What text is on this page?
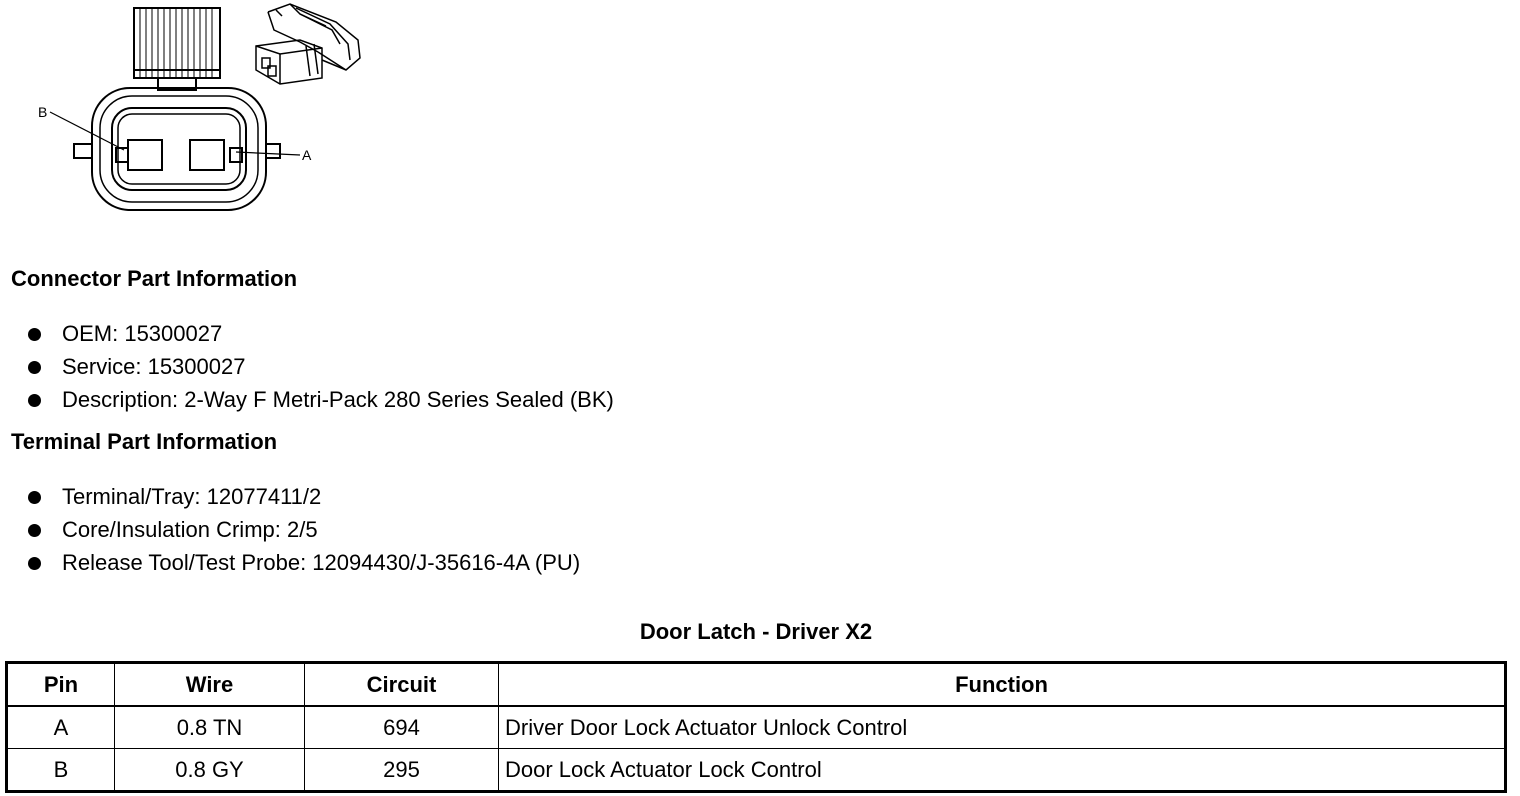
B
A
Connector Part Information
OEM: 15300027
Service: 15300027
Description: 2-Way F Metri-Pack 280 Series Sealed (BK)
Terminal Part Information
Terminal/Tray: 12077411/2
Core/Insulation Crimp: 2/5
Release Tool/Test Probe: 12094430/J-35616-4A (PU)
Door Latch - Driver X2
Pin	Wire	Circuit	Function
A	0.8 TN	694	Driver Door Lock Actuator Unlock Control
B	0.8 GY	295	Door Lock Actuator Lock Control
